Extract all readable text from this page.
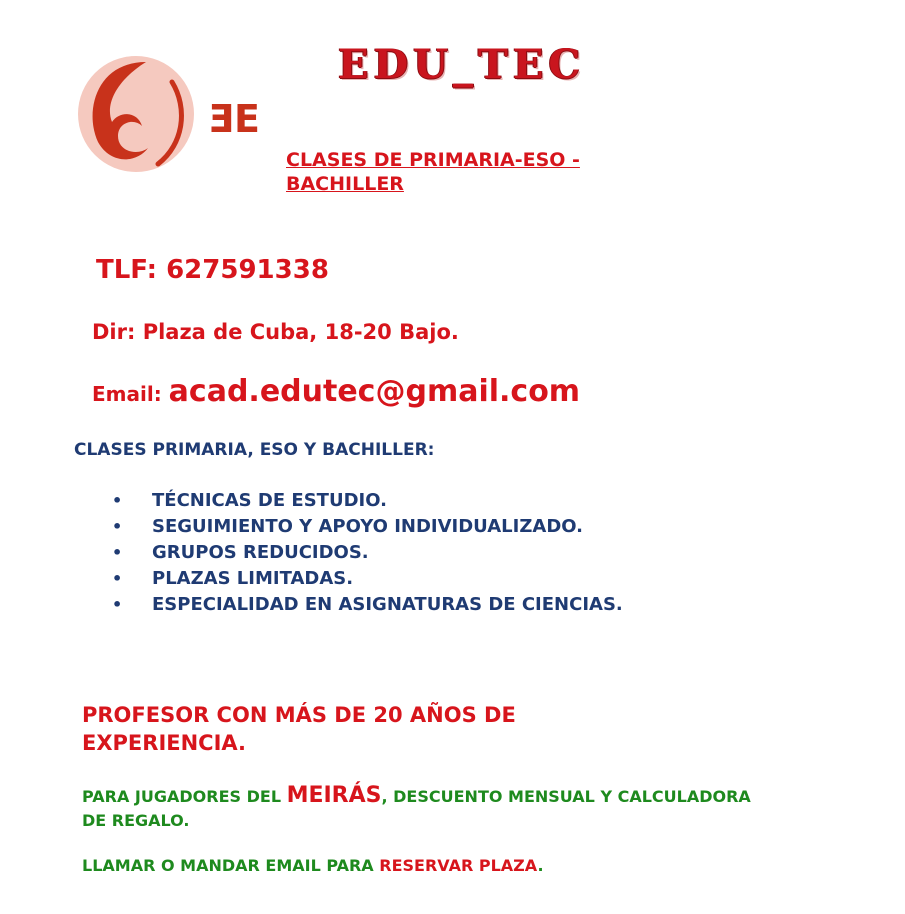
ƎE
EDU_TEC
CLASES DE PRIMARIA-ESO - BACHILLER
TLF: 627591338
Dir: Plaza de Cuba, 18-20 Bajo.
Email: acad.edutec@gmail.com
CLASES PRIMARIA, ESO Y BACHILLER:
• TÉCNICAS DE ESTUDIO.
• SEGUIMIENTO Y APOYO INDIVIDUALIZADO.
• GRUPOS REDUCIDOS.
• PLAZAS LIMITADAS.
• ESPECIALIDAD EN ASIGNATURAS DE CIENCIAS.
PROFESOR CON MÁS DE 20 AÑOS DE EXPERIENCIA.
PARA JUGADORES DEL MEIRÁS, DESCUENTO MENSUAL Y CALCULADORA DE REGALO.
LLAMAR O MANDAR EMAIL PARA RESERVAR PLAZA.
